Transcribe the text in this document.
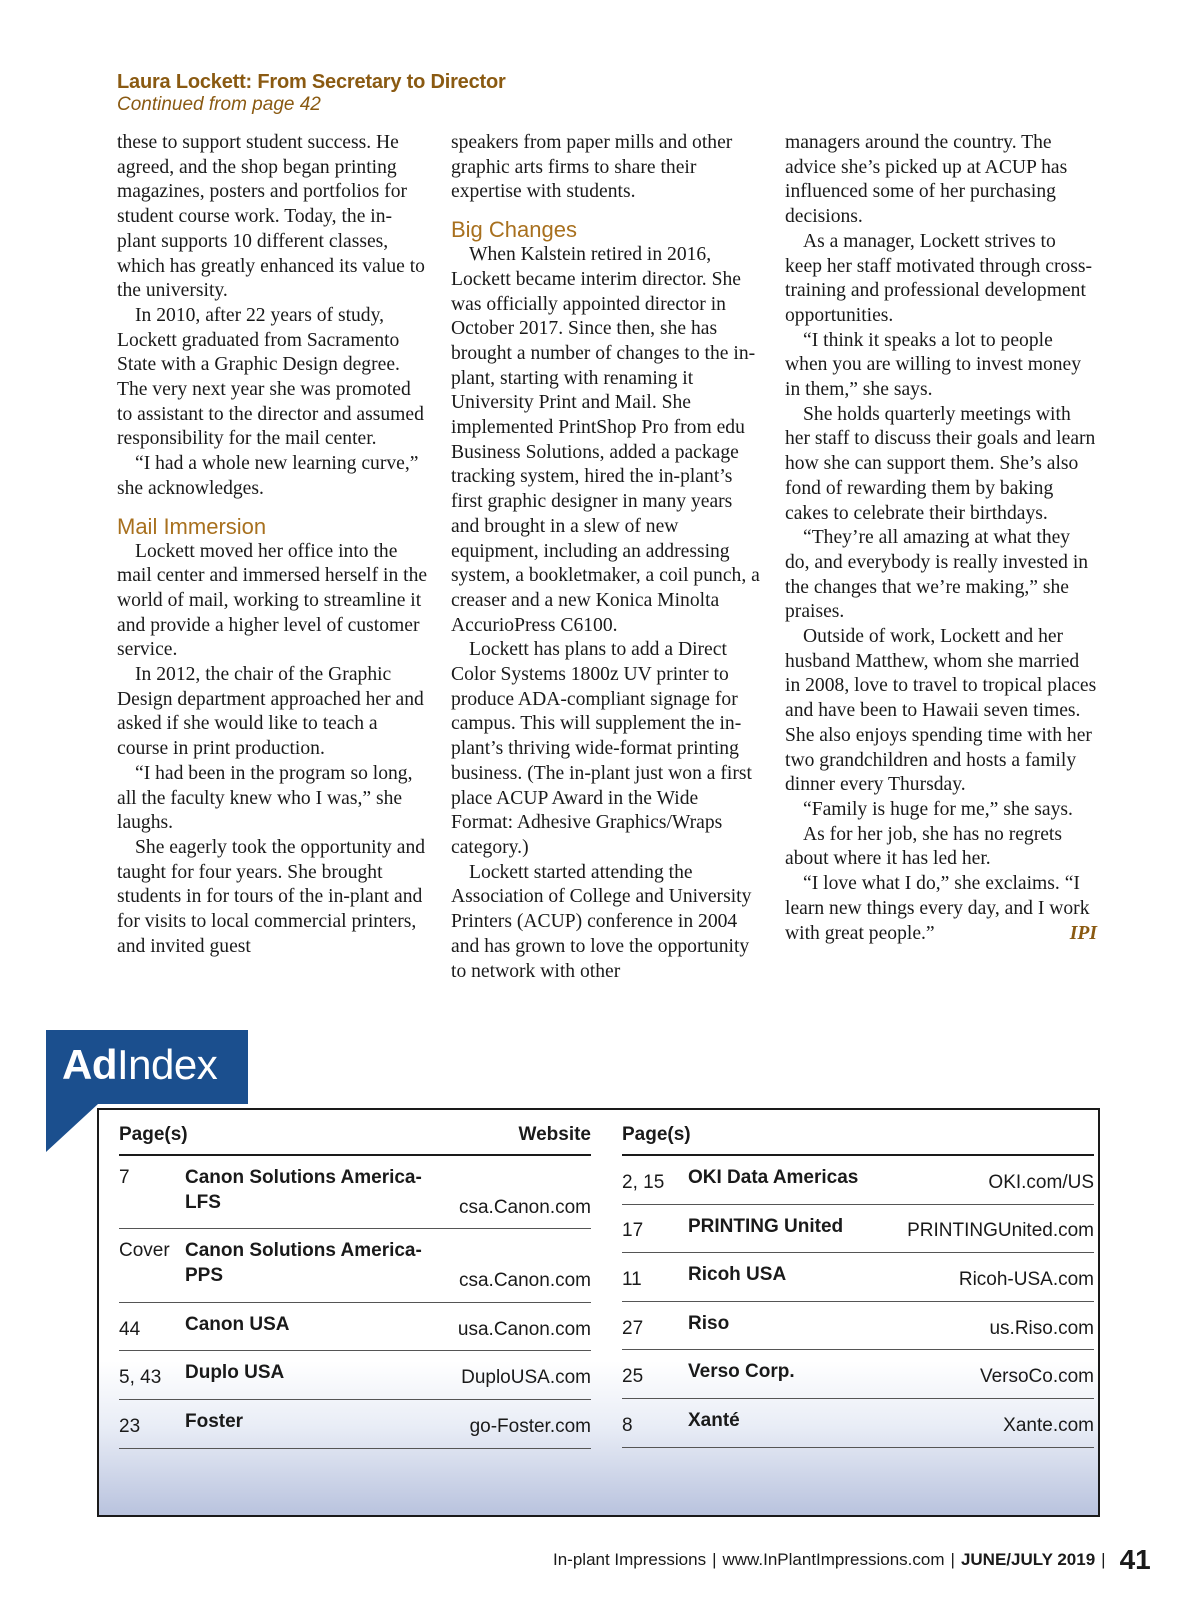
Laura Lockett: From Secretary to Director
Continued from page 42

these to support student success. He agreed, and the shop began printing magazines, posters and portfolios for student course work. Today, the in-plant supports 10 different classes, which has greatly enhanced its value to the university.

In 2010, after 22 years of study, Lockett graduated from Sacramento State with a Graphic Design degree. The very next year she was promoted to assistant to the director and assumed responsibility for the mail center.

“I had a whole new learning curve,” she acknowledges.

Mail Immersion

Lockett moved her office into the mail center and immersed herself in the world of mail, working to streamline it and provide a higher level of customer service.

In 2012, the chair of the Graphic Design department approached her and asked if she would like to teach a course in print production.

“I had been in the program so long, all the faculty knew who I was,” she laughs.

She eagerly took the opportunity and taught for four years. She brought students in for tours of the in-plant and for visits to local commercial printers, and invited guest

speakers from paper mills and other graphic arts firms to share their expertise with students.

Big Changes

When Kalstein retired in 2016, Lockett became interim director. She was officially appointed director in October 2017. Since then, she has brought a number of changes to the in-plant, starting with renaming it University Print and Mail. She implemented PrintShop Pro from edu Business Solutions, added a package tracking system, hired the in-plant’s first graphic designer in many years and brought in a slew of new equipment, including an addressing system, a bookletmaker, a coil punch, a creaser and a new Konica Minolta AccurioPress C6100.

Lockett has plans to add a Direct Color Systems 1800z UV printer to produce ADA-compliant signage for campus. This will supplement the in-plant’s thriving wide-format printing business. (The in-plant just won a first place ACUP Award in the Wide Format: Adhesive Graphics/Wraps category.)

Lockett started attending the Association of College and University Printers (ACUP) conference in 2004 and has grown to love the opportunity to network with other

managers around the country. The advice she’s picked up at ACUP has influenced some of her purchasing decisions.

As a manager, Lockett strives to keep her staff motivated through cross-training and professional development opportunities.

“I think it speaks a lot to people when you are willing to invest money in them,” she says.

She holds quarterly meetings with her staff to discuss their goals and learn how she can support them. She’s also fond of rewarding them by baking cakes to celebrate their birthdays.

“They’re all amazing at what they do, and everybody is really invested in the changes that we’re making,” she praises.

Outside of work, Lockett and her husband Matthew, whom she married in 2008, love to travel to tropical places and have been to Hawaii seven times. She also enjoys spending time with her two grandchildren and hosts a family dinner every Thursday.

“Family is huge for me,” she says.

As for her job, she has no regrets about where it has led her.

“I love what I do,” she exclaims. “I learn new things every day, and I work with great people.”	IPI

AdIndex
Page(s)	Website
7	Canon Solutions America-LFS	csa.Canon.com
Cover Canon Solutions America-PPS	csa.Canon.com
44 Canon USA	usa.Canon.com
5, 43 Duplo USA	DuploUSA.com
23 Foster	go-Foster.com
Page(s)
2, 15 OKI Data Americas	OKI.com/US
17 PRINTING United	PRINTINGUnited.com
11 Ricoh USA	Ricoh-USA.com
27 Riso	us.Riso.com
25 Verso Corp.	VersoCo.com
8	Xanté	Xante.com
In-plant Impressions | www.InPlantImpressions.com | JUNE/JULY 2019 | 41
